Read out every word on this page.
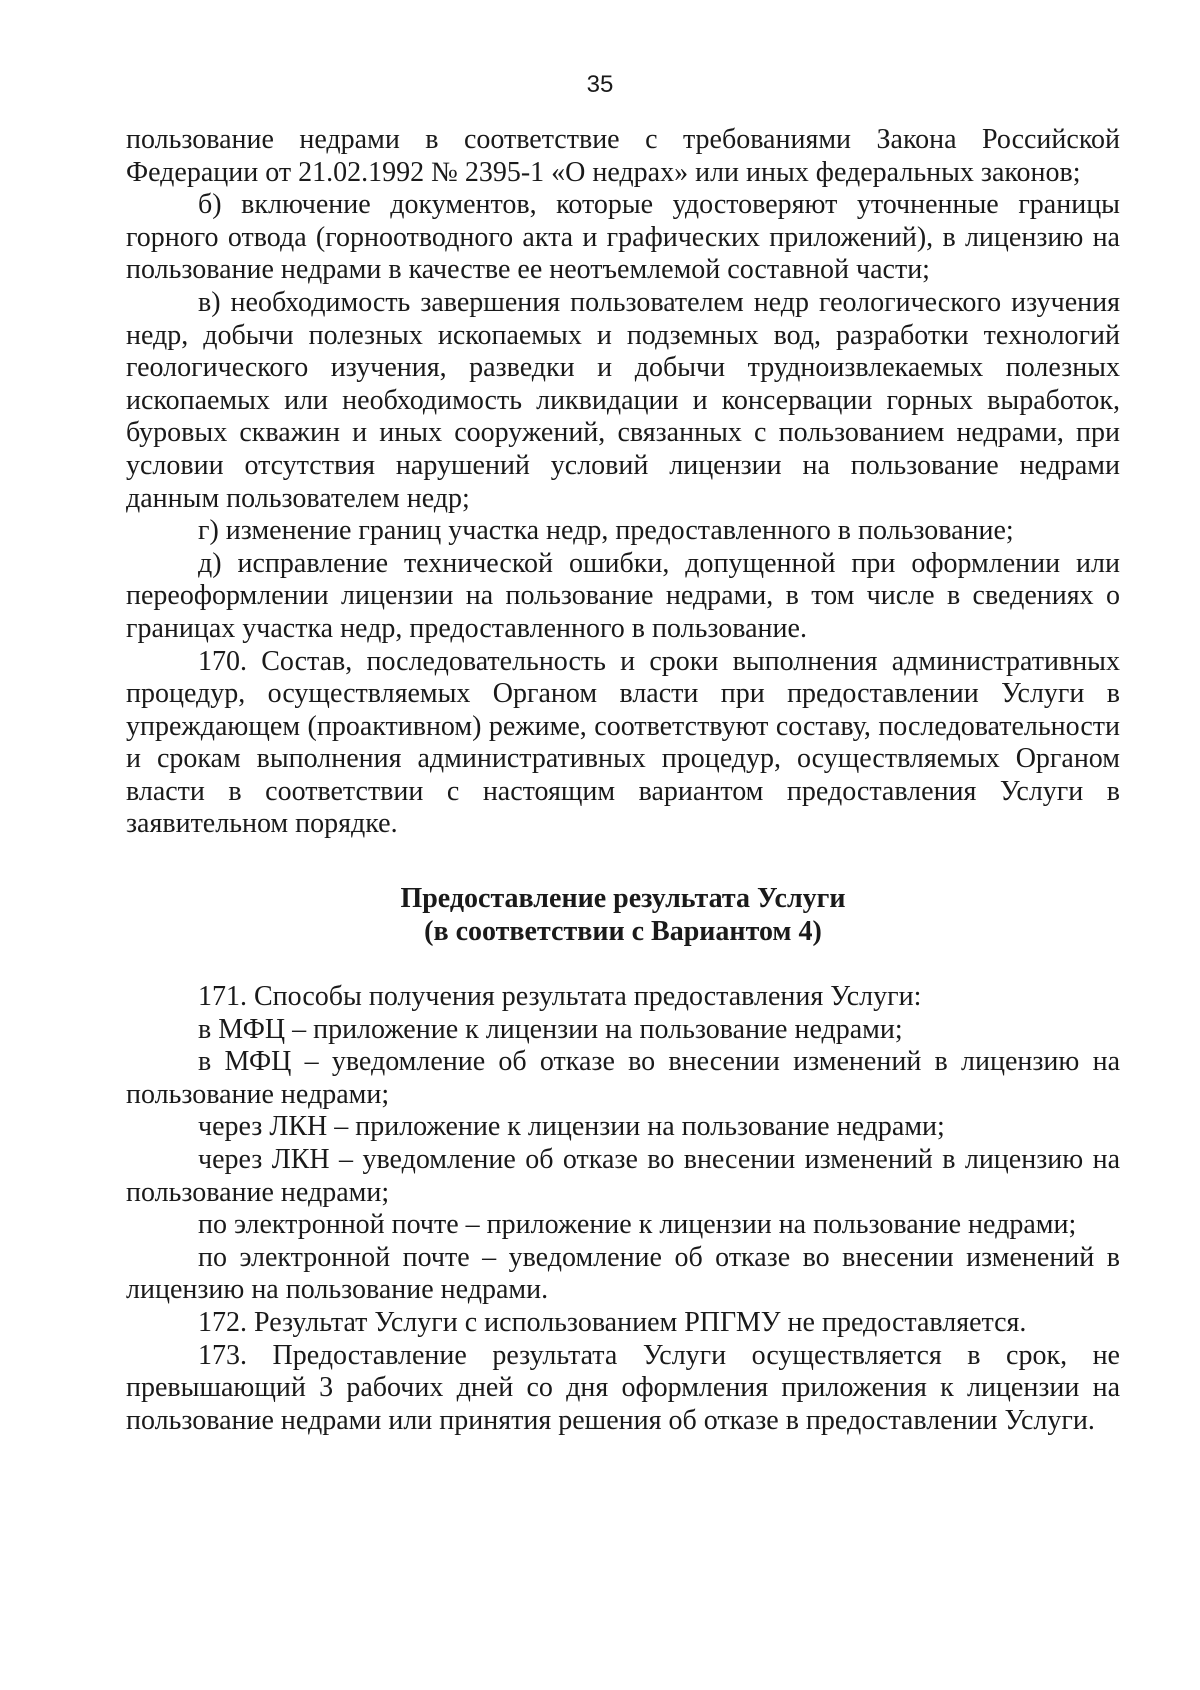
35

пользование недрами в соответствие с требованиями Закона Российской Федерации от 21.02.1992 № 2395-1 «О недрах» или иных федеральных законов;

б) включение документов, которые удостоверяют уточненные границы горного отвода (горноотводного акта и графических приложений), в лицензию на пользование недрами в качестве ее неотъемлемой составной части;

в) необходимость завершения пользователем недр геологического изучения недр, добычи полезных ископаемых и подземных вод, разработки технологий геологического изучения, разведки и добычи трудноизвлекаемых полезных ископаемых или необходимость ликвидации и консервации горных выработок, буровых скважин и иных сооружений, связанных с пользованием недрами, при условии отсутствия нарушений условий лицензии на пользование недрами данным пользователем недр;

г) изменение границ участка недр, предоставленного в пользование;

д) исправление технической ошибки, допущенной при оформлении или переоформлении лицензии на пользование недрами, в том числе в сведениях о границах участка недр, предоставленного в пользование.

170. Состав, последовательность и сроки выполнения административных процедур, осуществляемых Органом власти при предоставлении Услуги в упреждающем (проактивном) режиме, соответствуют составу, последовательности и срокам выполнения административных процедур, осуществляемых Органом власти в соответствии с настоящим вариантом предоставления Услуги в заявительном порядке.

Предоставление результата Услуги
(в соответствии с Вариантом 4)

171. Способы получения результата предоставления Услуги:

в МФЦ – приложение к лицензии на пользование недрами;

в МФЦ – уведомление об отказе во внесении изменений в лицензию на пользование недрами;

через ЛКН – приложение к лицензии на пользование недрами;

через ЛКН – уведомление об отказе во внесении изменений в лицензию на пользование недрами;

по электронной почте – приложение к лицензии на пользование недрами;

по электронной почте – уведомление об отказе во внесении изменений в лицензию на пользование недрами.

172. Результат Услуги с использованием РПГМУ не предоставляется.

173. Предоставление результата Услуги осуществляется в срок, не превышающий 3 рабочих дней со дня оформления приложения к лицензии на пользование недрами или принятия решения об отказе в предоставлении Услуги.
